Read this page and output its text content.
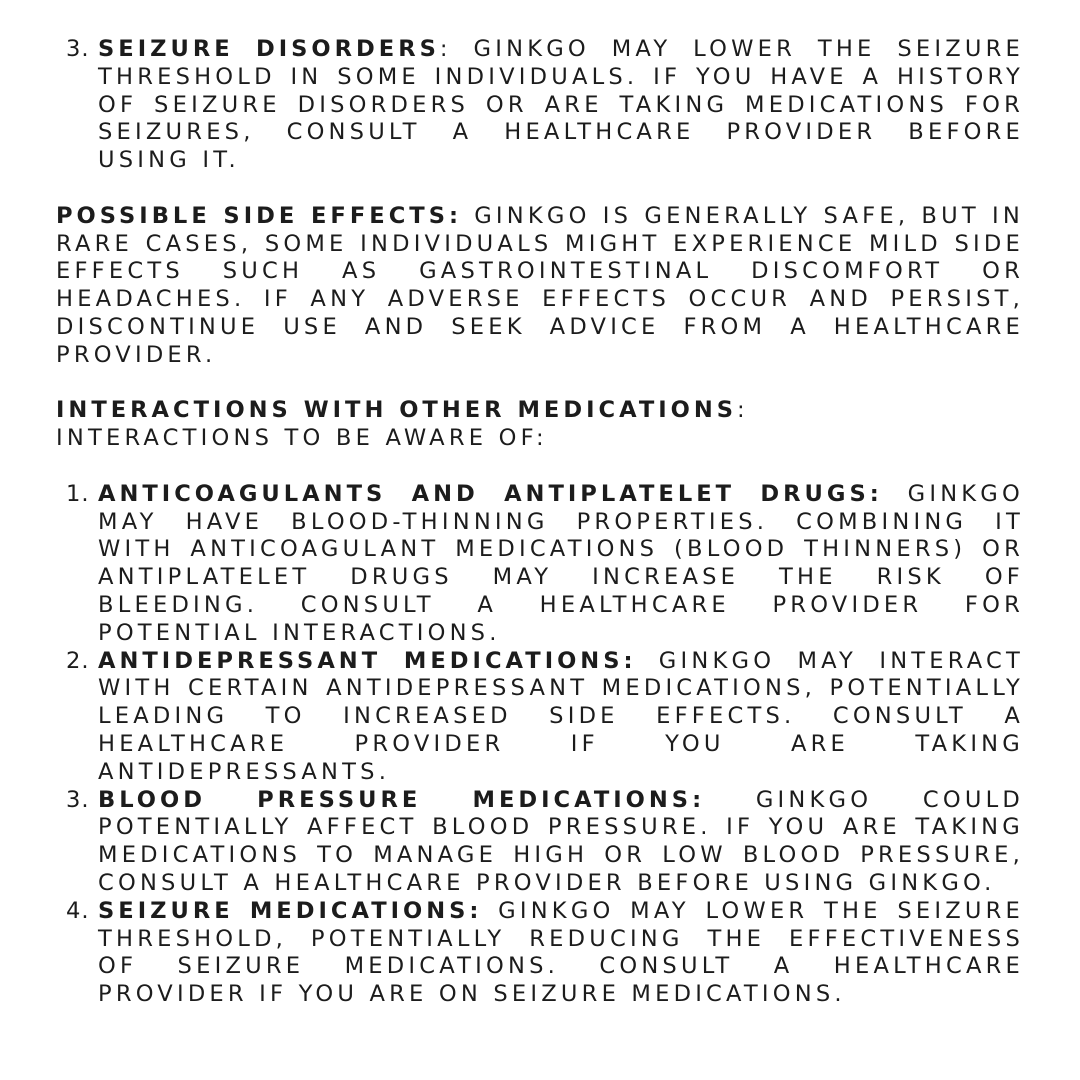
3. SEIZURE DISORDERS: GINKGO MAY LOWER THE SEIZURE THRESHOLD IN SOME INDIVIDUALS. IF YOU HAVE A HISTORY OF SEIZURE DISORDERS OR ARE TAKING MEDICATIONS FOR SEIZURES, CONSULT A HEALTHCARE PROVIDER BEFORE USING IT.

POSSIBLE SIDE EFFECTS: GINKGO IS GENERALLY SAFE, BUT IN RARE CASES, SOME INDIVIDUALS MIGHT EXPERIENCE MILD SIDE EFFECTS SUCH AS GASTROINTESTINAL DISCOMFORT OR HEADACHES. IF ANY ADVERSE EFFECTS OCCUR AND PERSIST, DISCONTINUE USE AND SEEK ADVICE FROM A HEALTHCARE PROVIDER.

INTERACTIONS WITH OTHER MEDICATIONS:
INTERACTIONS TO BE AWARE OF:
1. ANTICOAGULANTS AND ANTIPLATELET DRUGS: GINKGO MAY HAVE BLOOD-THINNING PROPERTIES. COMBINING IT WITH ANTICOAGULANT MEDICATIONS (BLOOD THINNERS) OR ANTIPLATELET DRUGS MAY INCREASE THE RISK OF BLEEDING. CONSULT A HEALTHCARE PROVIDER FOR POTENTIAL INTERACTIONS.
2. ANTIDEPRESSANT MEDICATIONS: GINKGO MAY INTERACT WITH CERTAIN ANTIDEPRESSANT MEDICATIONS, POTENTIALLY LEADING TO INCREASED SIDE EFFECTS. CONSULT A HEALTHCARE PROVIDER IF YOU ARE TAKING ANTIDEPRESSANTS.
3. BLOOD PRESSURE MEDICATIONS: GINKGO COULD POTENTIALLY AFFECT BLOOD PRESSURE. IF YOU ARE TAKING MEDICATIONS TO MANAGE HIGH OR LOW BLOOD PRESSURE, CONSULT A HEALTHCARE PROVIDER BEFORE USING GINKGO.
4. SEIZURE MEDICATIONS: GINKGO MAY LOWER THE SEIZURE THRESHOLD, POTENTIALLY REDUCING THE EFFECTIVENESS OF SEIZURE MEDICATIONS. CONSULT A HEALTHCARE PROVIDER IF YOU ARE ON SEIZURE MEDICATIONS.
